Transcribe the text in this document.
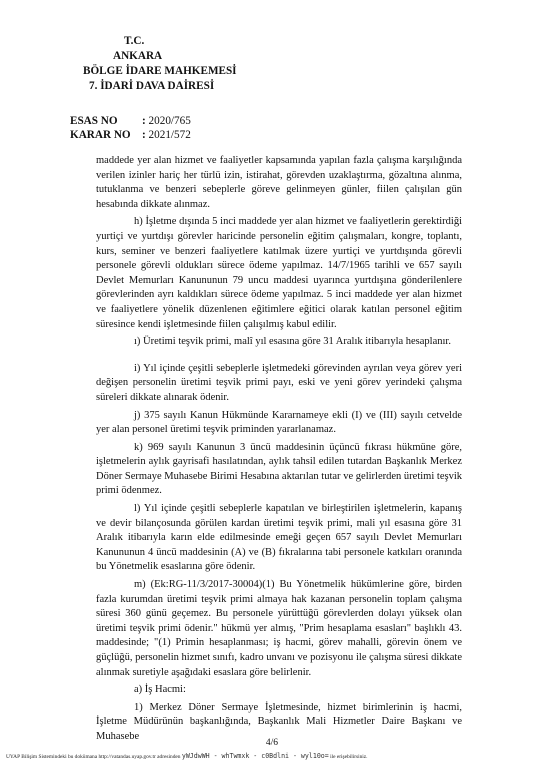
T.C.
ANKARA
BÖLGE İDARE MAHKEMESİ
7. İDARİ DAVA DAİRESİ
ESAS NO : 2020/765
KARAR NO : 2021/572

maddede yer alan hizmet ve faaliyetler kapsamında yapılan fazla çalışma karşılığında verilen izinler hariç her türlü izin, istirahat, görevden uzaklaştırma, gözaltına alınma, tutuklanma ve benzeri sebeplerle göreve gelinmeyen günler, fiilen çalışılan gün hesabında dikkate alınmaz.

h) İşletme dışında 5 inci maddede yer alan hizmet ve faaliyetlerin gerektirdiği yurtiçi ve yurtdışı görevler haricinde personelin eğitim çalışmaları, kongre, toplantı, kurs, seminer ve benzeri faaliyetlere katılmak üzere yurtiçi ve yurtdışında görevli personele görevli oldukları sürece ödeme yapılmaz. 14/7/1965 tarihli ve 657 sayılı Devlet Memurları Kanununun 79 uncu maddesi uyarınca yurtdışına gönderilenlere görevlerinden ayrı kaldıkları sürece ödeme yapılmaz. 5 inci maddede yer alan hizmet ve faaliyetlere yönelik düzenlenen eğitimlere eğitici olarak katılan personel eğitim süresince kendi işletmesinde fiilen çalışılmış kabul edilir.

ı) Üretimi teşvik primi, malî yıl esasına göre 31 Aralık itibarıyla hesaplanır.

i) Yıl içinde çeşitli sebeplerle işletmedeki görevinden ayrılan veya görev yeri değişen personelin üretimi teşvik primi payı, eski ve yeni görev yerindeki çalışma süreleri dikkate alınarak ödenir.

j) 375 sayılı Kanun Hükmünde Kararnameye ekli (I) ve (III) sayılı cetvelde yer alan personel üretimi teşvik priminden yararlanamaz.

k) 969 sayılı Kanunun 3 üncü maddesinin üçüncü fıkrası hükmüne göre, işletmelerin aylık gayrisafi hasılatından, aylık tahsil edilen tutardan Başkanlık Merkez Döner Sermaye Muhasebe Birimi Hesabına aktarılan tutar ve gelirlerden üretimi teşvik primi ödenmez.

l) Yıl içinde çeşitli sebeplerle kapatılan ve birleştirilen işletmelerin, kapanış ve devir bilançosunda görülen kardan üretimi teşvik primi, mali yıl esasına göre 31 Aralık itibarıyla karın elde edilmesinde emeği geçen 657 sayılı Devlet Memurları Kanununun 4 üncü maddesinin (A) ve (B) fıkralarına tabi personele katkıları oranında bu Yönetmelik esaslarına göre ödenir.

m) (Ek:RG-11/3/2017-30004)(1) Bu Yönetmelik hükümlerine göre, birden fazla kurumdan üretimi teşvik primi almaya hak kazanan personelin toplam çalışma süresi 360 günü geçemez. Bu personele yürüttüğü görevlerden dolayı yüksek olan üretimi teşvik primi ödenir." hükmü yer almış, "Prim hesaplama esasları" başlıklı 43. maddesinde; "(1) Primin hesaplanması; iş hacmi, görev mahalli, görevin önem ve güçlüğü, personelin hizmet sınıfı, kadro unvanı ve pozisyonu ile çalışma süresi dikkate alınmak suretiyle aşağıdaki esaslara göre belirlenir.

a) İş Hacmi:

1) Merkez Döner Sermaye İşletmesinde, hizmet birimlerinin iş hacmi, İşletme Müdürünün başkanlığında, Başkanlık Mali Hizmetler Daire Başkanı ve Muhasebe

4/6
UYAP Bilişim Sistemindeki bu dokümana http://vatandas.uyap.gov.tr adresinden yWJdwWH - whTwmxk - c0Bdlni - wyl10o= ile erişebilirsiniz.
